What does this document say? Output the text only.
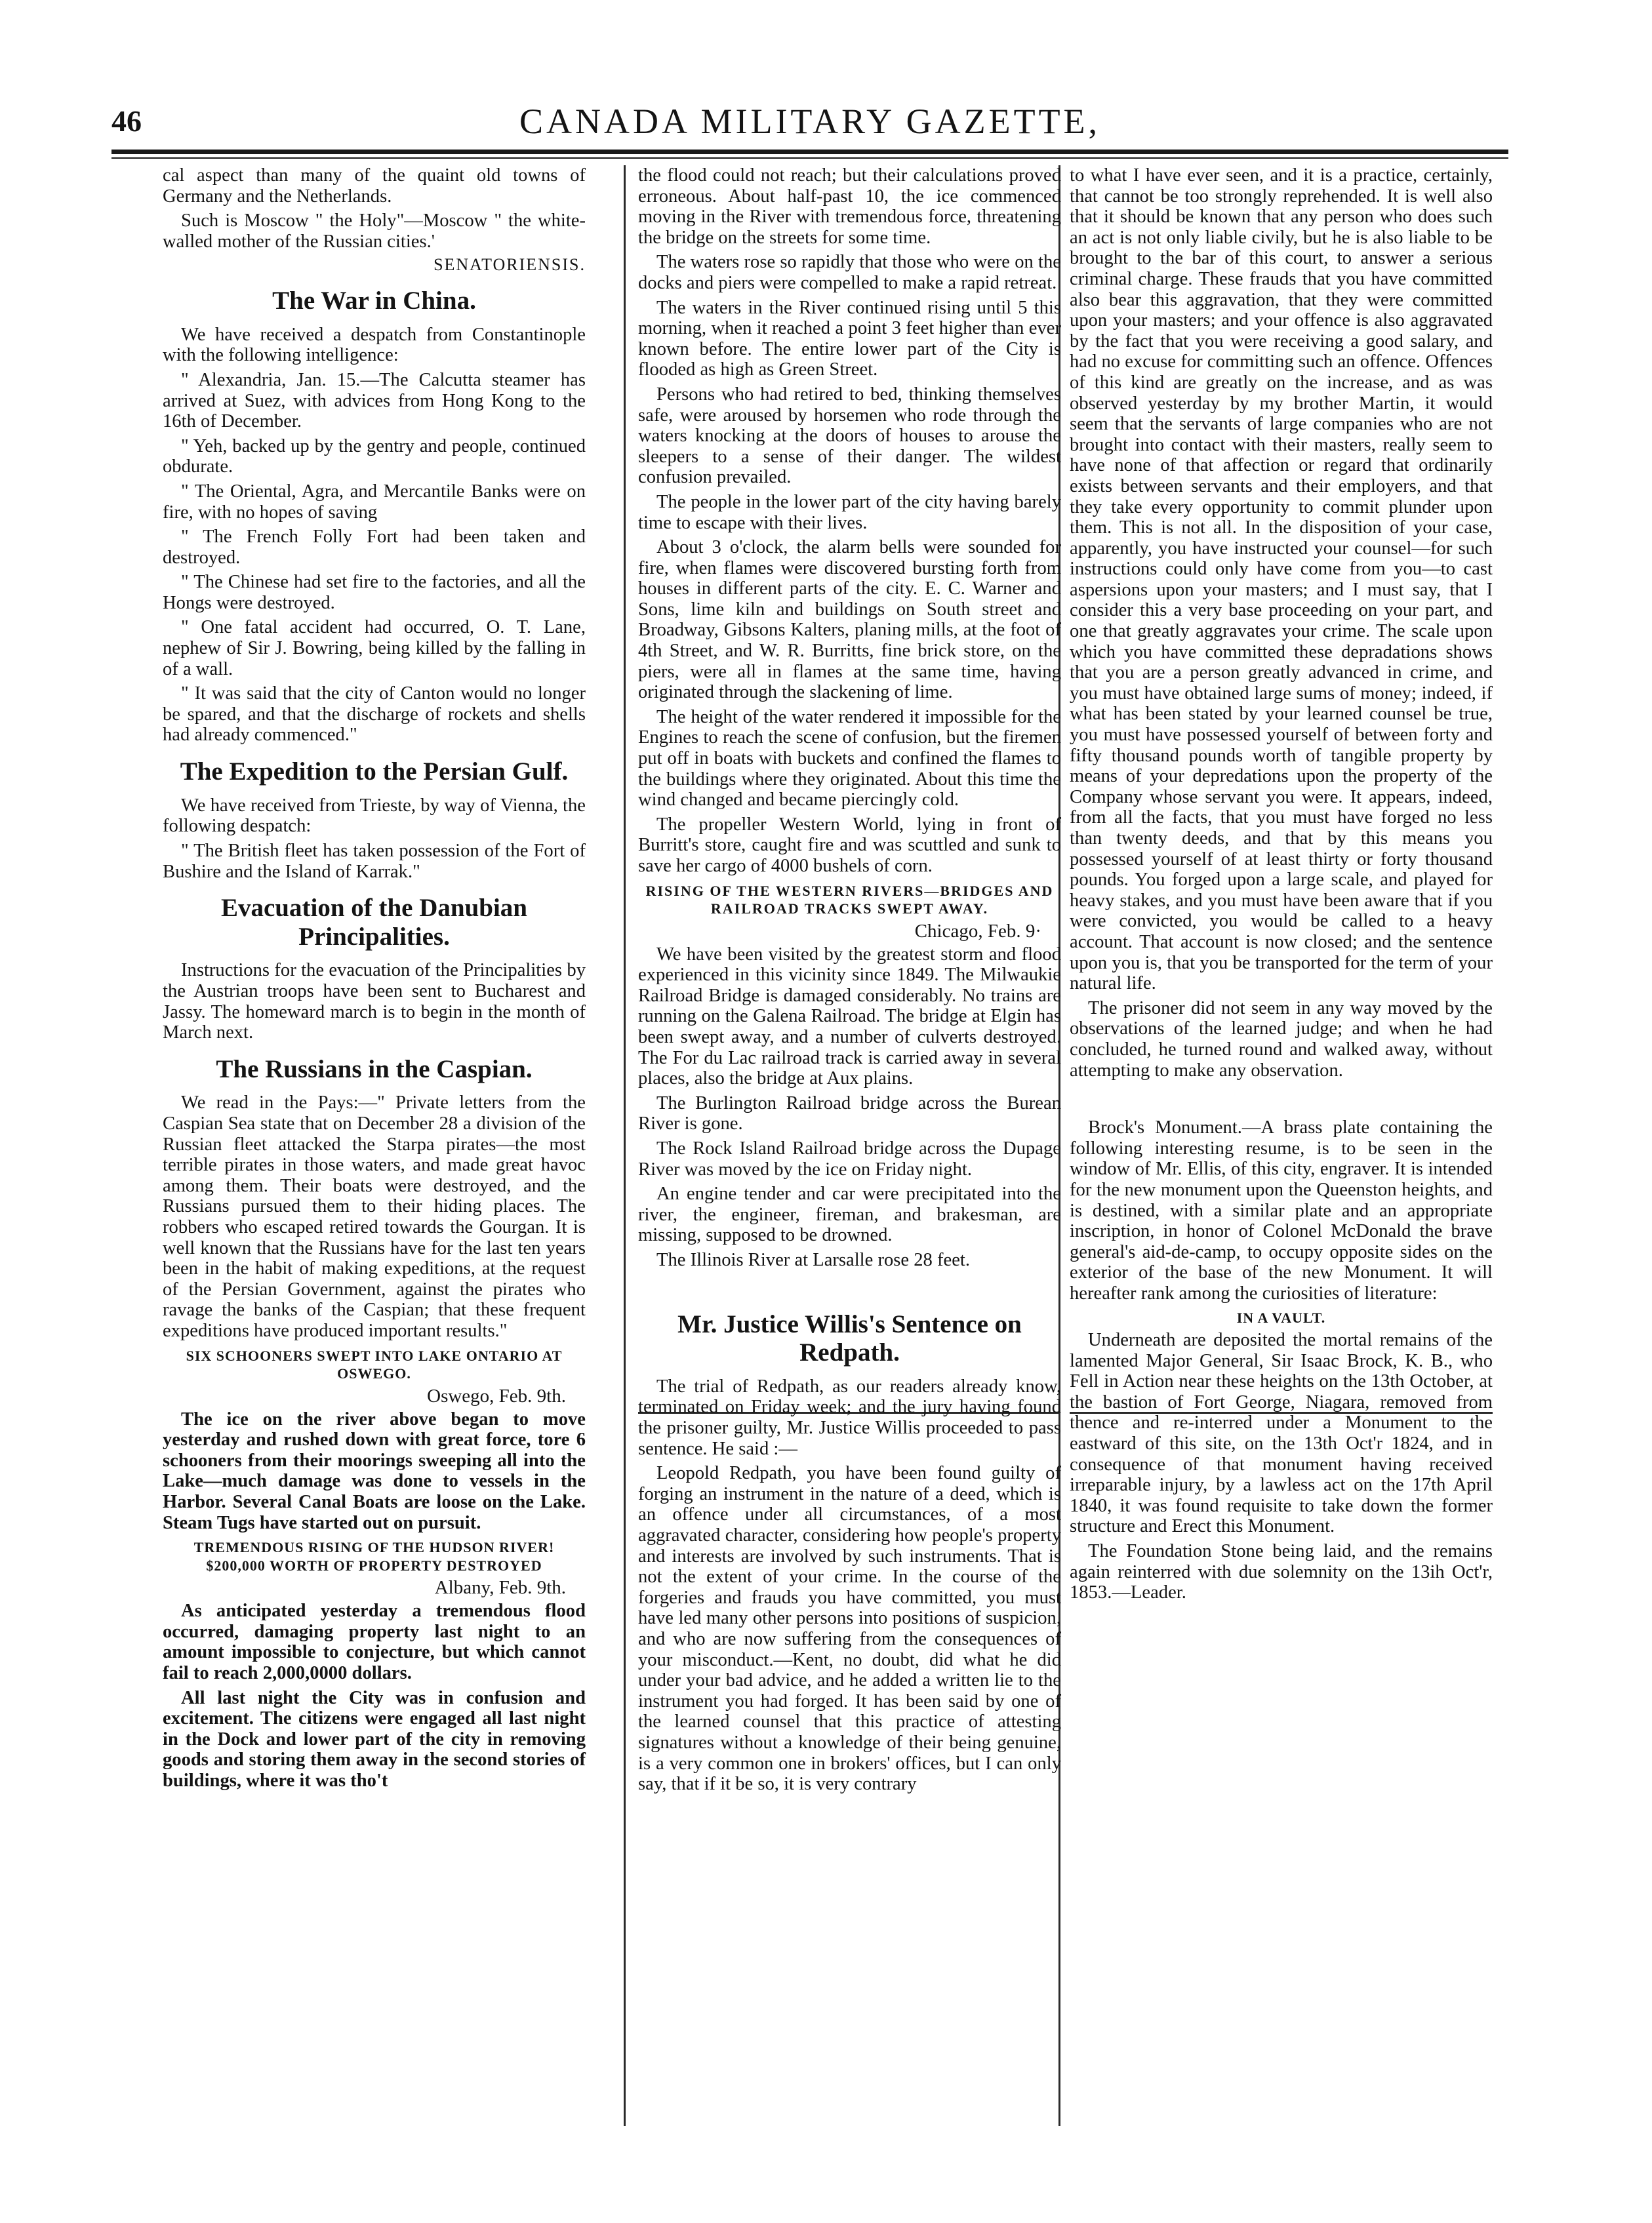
46	CANADA MILITARY GAZETTE,

cal aspect than many of the quaint old towns of Germany and the Netherlands.

Such is Moscow " the Holy"—Moscow " the white-walled mother of the Russian cities.'

SENATORIENSIS.
The War in China.

We have received a despatch from Constantinople with the following intelligence:

" Alexandria, Jan. 15.—The Calcutta steamer has arrived at Suez, with advices from Hong Kong to the 16th of December.

" Yeh, backed up by the gentry and people, continued obdurate.

" The Oriental, Agra, and Mercantile Banks were on fire, with no hopes of saving

" The French Folly Fort had been taken and destroyed.

" The Chinese had set fire to the factories, and all the Hongs were destroyed.

" One fatal accident had occurred, O. T. Lane, nephew of Sir J. Bowring, being killed by the falling in of a wall.

" It was said that the city of Canton would no longer be spared, and that the discharge of rockets and shells had already commenced."

The Expedition to the Persian Gulf.

We have received from Trieste, by way of Vienna, the following despatch:

" The British fleet has taken possession of the Fort of Bushire and the Island of Karrak."

Evacuation of the Danubian Principalities.

Instructions for the evacuation of the Principalities by the Austrian troops have been sent to Bucharest and Jassy. The homeward march is to begin in the month of March next.

The Russians in the Caspian.

We read in the Pays:—" Private letters from the Caspian Sea state that on December 28 a division of the Russian fleet attacked the Starpa pirates—the most terrible pirates in those waters, and made great havoc among them. Their boats were destroyed, and the Russians pursued them to their hiding places. The robbers who escaped retired towards the Gourgan. It is well known that the Russians have for the last ten years been in the habit of making expeditions, at the request of the Persian Government, against the pirates who ravage the banks of the Caspian; that these frequent expeditions have produced important results."

SIX SCHOONERS SWEPT INTO LAKE ONTARIO AT OSWEGO.
Oswego, Feb. 9th.

The ice on the river above began to move yesterday and rushed down with great force, tore 6 schooners from their moorings sweeping all into the Lake—much damage was done to vessels in the Harbor. Several Canal Boats are loose on the Lake. Steam Tugs have started out on pursuit.

TREMENDOUS RISING OF THE HUDSON RIVER! $200,000 WORTH OF PROPERTY DESTROYED
Albany, Feb. 9th.

As anticipated yesterday a tremendous flood occurred, damaging property last night to an amount impossible to conjecture, but which cannot fail to reach 2,000,0000 dollars.

All last night the City was in confusion and excitement. The citizens were engaged all last night in the Dock and lower part of the city in removing goods and storing them away in the second stories of buildings, where it was tho't

the flood could not reach; but their calculations proved erroneous. About half-past 10, the ice commenced moving in the River with tremendous force, threatening the bridge on the streets for some time.

The waters rose so rapidly that those who were on the docks and piers were compelled to make a rapid retreat.

The waters in the River continued rising until 5 this morning, when it reached a point 3 feet higher than ever known before. The entire lower part of the City is flooded as high as Green Street.

Persons who had retired to bed, thinking themselves safe, were aroused by horsemen who rode through the waters knocking at the doors of houses to arouse the sleepers to a sense of their danger. The wildest confusion prevailed.

The people in the lower part of the city having barely time to escape with their lives.

About 3 o'clock, the alarm bells were sounded for fire, when flames were discovered bursting forth from houses in different parts of the city. E. C. Warner and Sons, lime kiln and buildings on South street and Broadway, Gibsons Kalters, planing mills, at the foot of 4th Street, and W. R. Burritts, fine brick store, on the piers, were all in flames at the same time, having originated through the slackening of lime.

The height of the water rendered it impossible for the Engines to reach the scene of confusion, but the firemen put off in boats with buckets and confined the flames to the buildings where they originated. About this time the wind changed and became piercingly cold.

The propeller Western World, lying in front of Burritt's store, caught fire and was scuttled and sunk to save her cargo of 4000 bushels of corn.

RISING OF THE WESTERN RIVERS—BRIDGES AND RAILROAD TRACKS SWEPT AWAY.
Chicago, Feb. 9·

We have been visited by the greatest storm and flood experienced in this vicinity since 1849. The Milwaukie Railroad Bridge is damaged considerably. No trains are running on the Galena Railroad. The bridge at Elgin has been swept away, and a number of culverts destroyed. The For du Lac railroad track is carried away in several places, also the bridge at Aux plains.

The Burlington Railroad bridge across the Burean River is gone.

The Rock Island Railroad bridge across the Dupage River was moved by the ice on Friday night.

An engine tender and car were precipitated into the river, the engineer, fireman, and brakesman, are missing, supposed to be drowned.

The Illinois River at Larsalle rose 28 feet.

Mr. Justice Willis's Sentence on Redpath.

The trial of Redpath, as our readers already know, terminated on Friday week; and the jury having found the prisoner guilty, Mr. Justice Willis proceeded to pass sentence. He said :—

Leopold Redpath, you have been found guilty of forging an instrument in the nature of a deed, which is an offence under all circumstances, of a most aggravated character, considering how people's property and interests are involved by such instruments. That is not the extent of your crime. In the course of the forgeries and frauds you have committed, you must have led many other persons into positions of suspicion, and who are now suffering from the consequences of your misconduct.—Kent, no doubt, did what he did under your bad advice, and he added a written lie to the instrument you had forged. It has been said by one of the learned counsel that this practice of attesting signatures without a knowledge of their being genuine, is a very common one in brokers' offices, but I can only say, that if it be so, it is very contrary

to what I have ever seen, and it is a practice, certainly, that cannot be too strongly reprehended. It is well also that it should be known that any person who does such an act is not only liable civily, but he is also liable to be brought to the bar of this court, to answer a serious criminal charge. These frauds that you have committed also bear this aggravation, that they were committed upon your masters; and your offence is also aggravated by the fact that you were receiving a good salary, and had no excuse for committing such an offence. Offences of this kind are greatly on the increase, and as was observed yesterday by my brother Martin, it would seem that the servants of large companies who are not brought into contact with their masters, really seem to have none of that affection or regard that ordinarily exists between servants and their employers, and that they take every opportunity to commit plunder upon them. This is not all. In the disposition of your case, apparently, you have instructed your counsel—for such instructions could only have come from you—to cast aspersions upon your masters; and I must say, that I consider this a very base proceeding on your part, and one that greatly aggravates your crime. The scale upon which you have committed these depradations shows that you are a person greatly advanced in crime, and you must have obtained large sums of money; indeed, if what has been stated by your learned counsel be true, you must have possessed yourself of between forty and fifty thousand pounds worth of tangible property by means of your depredations upon the property of the Company whose servant you were. It appears, indeed, from all the facts, that you must have forged no less than twenty deeds, and that by this means you possessed yourself of at least thirty or forty thousand pounds. You forged upon a large scale, and played for heavy stakes, and you must have been aware that if you were convicted, you would be called to a heavy account. That account is now closed; and the sentence upon you is, that you be transported for the term of your natural life.

The prisoner did not seem in any way moved by the observations of the learned judge; and when he had concluded, he turned round and walked away, without attempting to make any observation.

Brock's Monument.—A brass plate containing the following interesting resume, is to be seen in the window of Mr. Ellis, of this city, engraver. It is intended for the new monument upon the Queenston heights, and is destined, with a similar plate and an appropriate inscription, in honor of Colonel McDonald the brave general's aid-de-camp, to occupy opposite sides on the exterior of the base of the new Monument. It will hereafter rank among the curiosities of literature:

IN A VAULT.

Underneath are deposited the mortal remains of the lamented Major General, Sir Isaac Brock, K. B., who Fell in Action near these heights on the 13th October, at the bastion of Fort George, Niagara, removed from thence and re-interred under a Monument to the eastward of this site, on the 13th Oct'r 1824, and in consequence of that monument having received irreparable injury, by a lawless act on the 17th April 1840, it was found requisite to take down the former structure and Erect this Monument.

The Foundation Stone being laid, and the remains again reinterred with due solemnity on the 13ih Oct'r, 1853.—Leader.
